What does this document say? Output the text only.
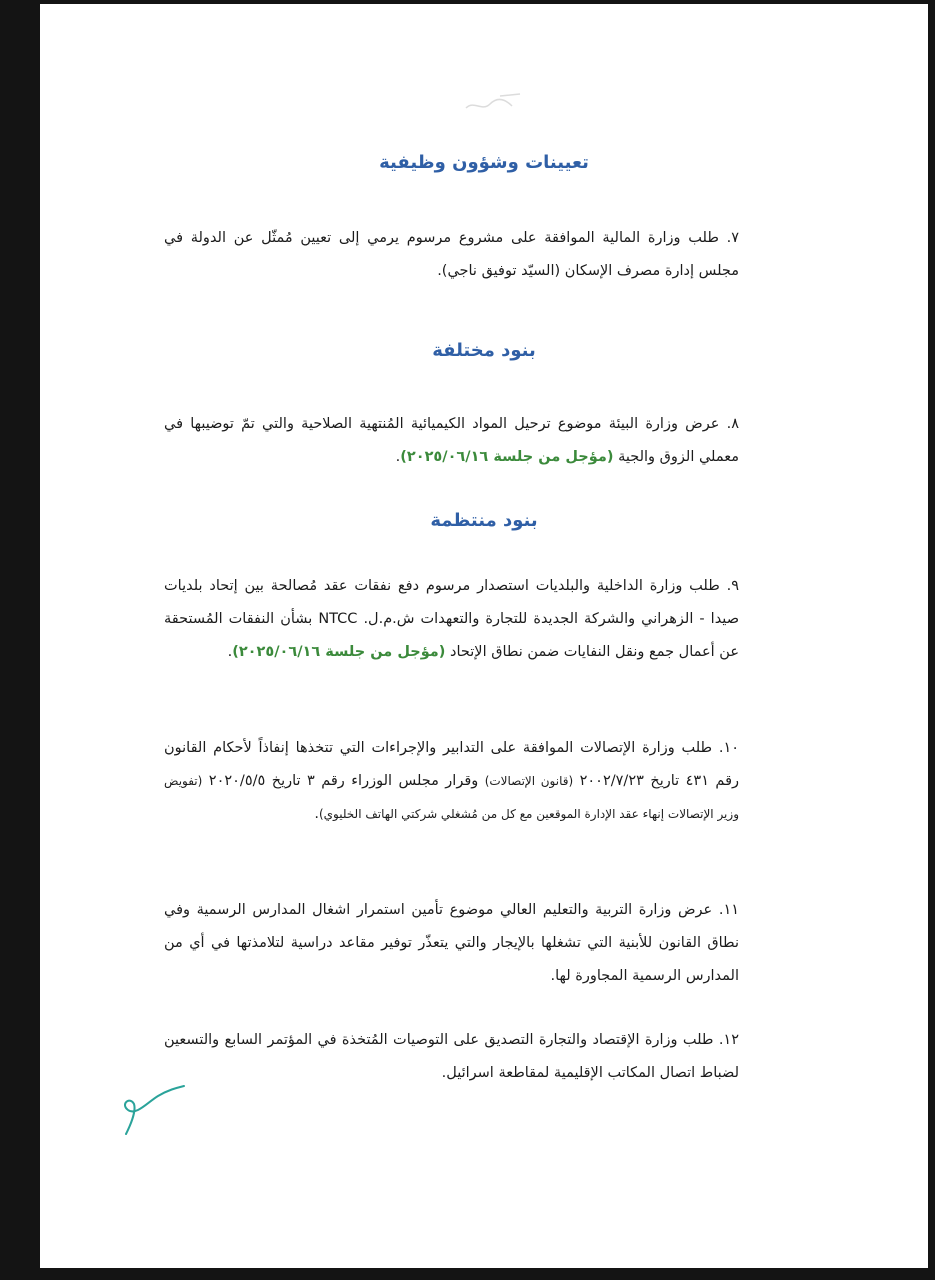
تعيينات وشؤون وظيفية
٧. طلب وزارة المالية الموافقة على مشروع مرسوم يرمي إلى تعيين مُمثّل عن الدولة في مجلس إدارة مصرف الإسكان (السيّد توفيق ناجي).
بنود مختلفة
٨. عرض وزارة البيئة موضوع ترحيل المواد الكيميائية المُنتهية الصلاحية والتي تمّ توضيبها في معملي الزوق والجية (مؤجل من جلسة ٢٠٢٥/٠٦/١٦).
بنود منتظمة
٩. طلب وزارة الداخلية والبلديات استصدار مرسوم دفع نفقات عقد مُصالحة بين إتحاد بلديات صيدا - الزهراني والشركة الجديدة للتجارة والتعهدات ش.م.ل. NTCC بشأن النفقات المُستحقة عن أعمال جمع ونقل النفايات ضمن نطاق الإتحاد (مؤجل من جلسة ٢٠٢٥/٠٦/١٦).
١٠. طلب وزارة الإتصالات الموافقة على التدابير والإجراءات التي تتخذها إنفاذاً لأحكام القانون رقم ٤٣١ تاريخ ٢٠٠٢/٧/٢٣ (قانون الإتصالات) وقرار مجلس الوزراء رقم ٣ تاريخ ٢٠٢٠/٥/٥ (تفويض وزير الإتصالات إنهاء عقد الإدارة الموقعين مع كل من مُشغلي شركتي الهاتف الخليوي).
١١. عرض وزارة التربية والتعليم العالي موضوع تأمين استمرار اشغال المدارس الرسمية وفي نطاق القانون للأبنية التي تشغلها بالإيجار والتي يتعذّر توفير مقاعد دراسية لتلامذتها في أي من المدارس الرسمية المجاورة لها.
١٢. طلب وزارة الإقتصاد والتجارة التصديق على التوصيات المُتخذة في المؤتمر السابع والتسعين لضباط اتصال المكاتب الإقليمية لمقاطعة اسرائيل.
